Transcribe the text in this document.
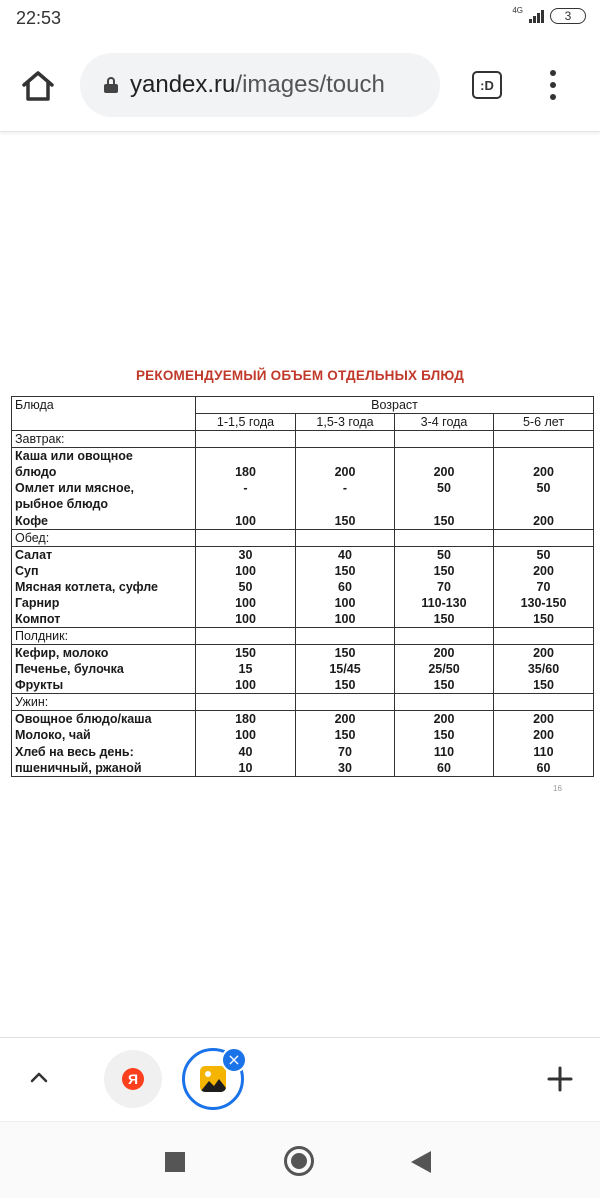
22:53	4G	3
yandex.ru/images/touch	:D
РЕКОМЕНДУЕМЫЙ ОБЪЕМ ОТДЕЛЬНЫХ БЛЮД
Блюда	Возраст			
	1-1,5 года	1,5-3 года	3-4 года	5-6 лет
Завтрак:				
Каша или овощное				
блюдо	180	200	200	200
Омлет или мясное,	-	-	50	50
рыбное блюдо				
Кофе	100	150	150	200
Обед:				
Салат	30	40	50	50
Суп	100	150	150	200
Мясная котлета, суфле	50	60	70	70
Гарнир	100	100	110-130	130-150
Компот	100	100	150	150
Полдник:				
Кефир, молоко	150	150	200	200
Печенье, булочка	15	15/45	25/50	35/60
Фрукты	100	150	150	150
Ужин:				
Овощное блюдо/каша	180	200	200	200
Молоко, чай	100	150	150	200
Хлеб на весь день:	40	70	110	110
пшеничный, ржаной	10	30	60	60
16
Я
×
